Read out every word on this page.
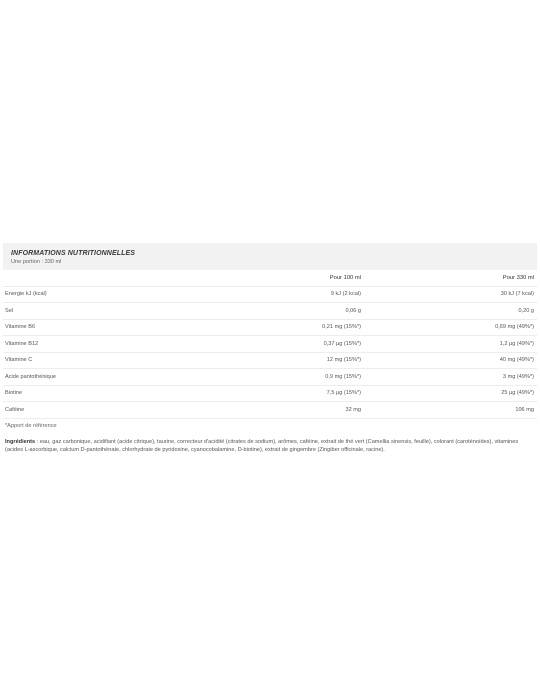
INFORMATIONS NUTRITIONNELLES
Une portion : 330 ml
	Pour 100 ml	Pour 330 ml
Energie kJ (kcal)	9 kJ (2 kcal)	30 kJ (7 kcal)
Sel	0,06 g	0,20 g
Vitamine B6	0,21 mg (15%*)	0,69 mg (49%*)
Vitamine B12	0,37 µg (15%*)	1,2 µg (49%*)
Vitamine C	12 mg (15%*)	40 mg (49%*)
Acide pantothénique	0,9 mg (15%*)	3 mg (49%*)
Biotine	7,5 µg (15%*)	25 µg (49%*)
Caféine	32 mg	106 mg
*Apport de référence
Ingrédients : eau, gaz carbonique, acidifiant (acide citrique), taurine, correcteur d'acidité (citrates de sodium), arômes, caféine, extrait de thé vert (Camellia sinensis, feuille), colorant (caroténoïdes), vitamines (acides L-ascorbique, calcium D-pantothénate, chlorhydrate de pyridoxine, cyanocobalamine, D-biotine), extrait de gingembre (Zingiber officinale, racine).
